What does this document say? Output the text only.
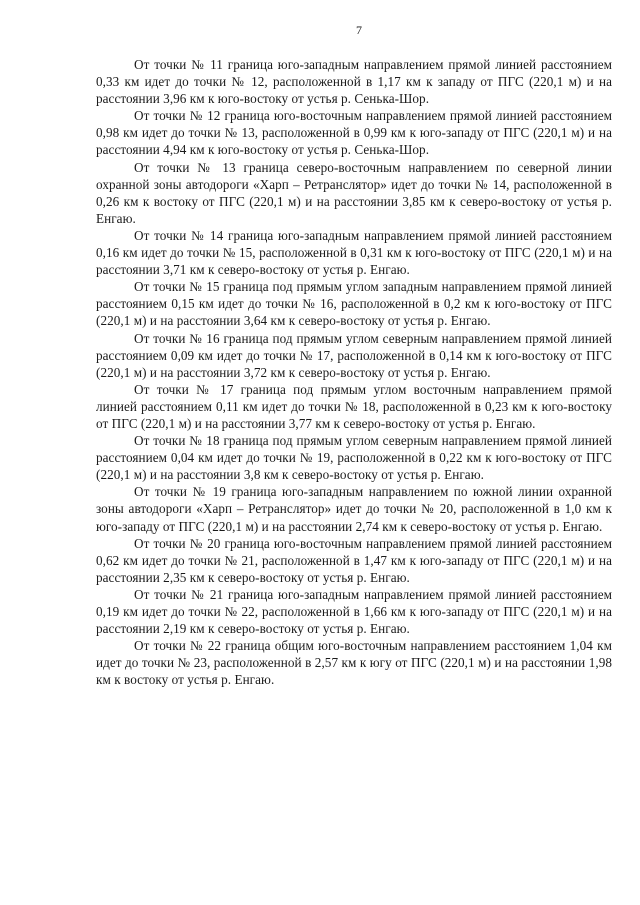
7

От точки № 11 граница юго-западным направлением прямой линией расстоянием 0,33 км идет до точки № 12, расположенной в 1,17 км к западу от ПГС (220,1 м) и на расстоянии 3,96 км к юго-востоку от устья р. Сенька-Шор.

От точки № 12 граница юго-восточным направлением прямой линией расстоянием 0,98 км идет до точки № 13, расположенной в 0,99 км к юго-западу от ПГС (220,1 м) и на расстоянии 4,94 км к юго-востоку от устья р. Сенька-Шор.

От точки № 13 граница северо-восточным направлением по северной линии охранной зоны автодороги «Харп – Ретранслятор» идет до точки № 14, расположенной в 0,26 км к востоку от ПГС (220,1 м) и на расстоянии 3,85 км к северо-востоку от устья р. Енгаю.

От точки № 14 граница юго-западным направлением прямой линией расстоянием 0,16 км идет до точки № 15, расположенной в 0,31 км к юго-востоку от ПГС (220,1 м) и на расстоянии 3,71 км к северо-востоку от устья р. Енгаю.

От точки № 15 граница под прямым углом западным направлением прямой линией расстоянием 0,15 км идет до точки № 16, расположенной в 0,2 км к юго-востоку от ПГС (220,1 м) и на расстоянии 3,64 км к северо-востоку от устья р. Енгаю.

От точки № 16 граница под прямым углом северным направлением прямой линией расстоянием 0,09 км идет до точки № 17, расположенной в 0,14 км к юго-востоку от ПГС (220,1 м) и на расстоянии 3,72 км к северо-востоку от устья р. Енгаю.

От точки № 17 граница под прямым углом восточным направлением прямой линией расстоянием 0,11 км идет до точки № 18, расположенной в 0,23 км к юго-востоку от ПГС (220,1 м) и на расстоянии 3,77 км к северо-востоку от устья р. Енгаю.

От точки № 18 граница под прямым углом северным направлением прямой линией расстоянием 0,04 км идет до точки № 19, расположенной в 0,22 км к юго-востоку от ПГС (220,1 м) и на расстоянии 3,8 км к северо-востоку от устья р. Енгаю.

От точки № 19 граница юго-западным направлением по южной линии охранной зоны автодороги «Харп – Ретранслятор» идет до точки № 20, расположенной в 1,0 км к юго-западу от ПГС (220,1 м) и на расстоянии 2,74 км к северо-востоку от устья р. Енгаю.

От точки № 20 граница юго-восточным направлением прямой линией расстоянием 0,62 км идет до точки № 21, расположенной в 1,47 км к юго-западу от ПГС (220,1 м) и на расстоянии 2,35 км к северо-востоку от устья р. Енгаю.

От точки № 21 граница юго-западным направлением прямой линией расстоянием 0,19 км идет до точки № 22, расположенной в 1,66 км к юго-западу от ПГС (220,1 м) и на расстоянии 2,19 км к северо-востоку от устья р. Енгаю.

От точки № 22 граница общим юго-восточным направлением расстоянием 1,04 км идет до точки № 23, расположенной в 2,57 км к югу от ПГС (220,1 м) и на расстоянии 1,98 км к востоку от устья р. Енгаю.
